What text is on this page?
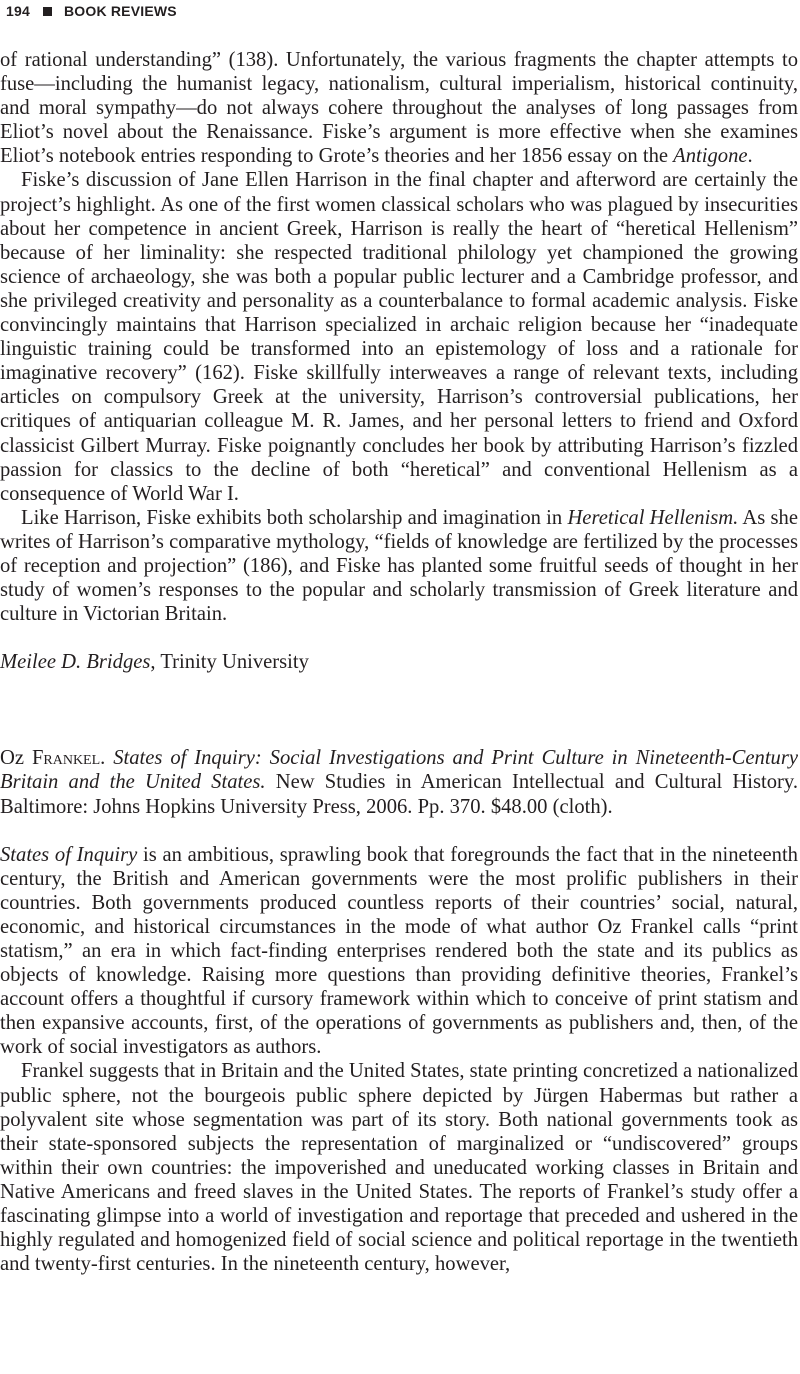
194 BOOK REVIEWS

of rational understanding” (138). Unfortunately, the various fragments the chapter attempts to fuse—including the humanist legacy, nationalism, cultural imperialism, historical continuity, and moral sympathy—do not always cohere throughout the analyses of long passages from Eliot’s novel about the Renaissance. Fiske’s argument is more effective when she examines Eliot’s notebook entries responding to Grote’s theories and her 1856 essay on the Antigone.

Fiske’s discussion of Jane Ellen Harrison in the final chapter and afterword are certainly the project’s highlight. As one of the first women classical scholars who was plagued by insecurities about her competence in ancient Greek, Harrison is really the heart of “heretical Hellenism” because of her liminality: she respected traditional philology yet championed the growing science of archaeology, she was both a popular public lecturer and a Cambridge professor, and she privileged creativity and personality as a counterbalance to formal academic analysis. Fiske convincingly maintains that Harrison specialized in archaic religion because her “inadequate linguistic training could be transformed into an epistemology of loss and a rationale for imaginative recovery” (162). Fiske skillfully interweaves a range of relevant texts, including articles on compulsory Greek at the university, Harrison’s controversial publications, her critiques of antiquarian colleague M. R. James, and her personal letters to friend and Oxford classicist Gilbert Murray. Fiske poignantly concludes her book by attributing Harrison’s fizzled passion for classics to the decline of both “heretical” and conventional Hellenism as a consequence of World War I.

Like Harrison, Fiske exhibits both scholarship and imagination in Heretical Hellenism. As she writes of Harrison’s comparative mythology, “fields of knowledge are fertilized by the processes of reception and projection” (186), and Fiske has planted some fruitful seeds of thought in her study of women’s responses to the popular and scholarly transmission of Greek literature and culture in Victorian Britain.

Meilee D. Bridges, Trinity University

Oz Frankel. States of Inquiry: Social Investigations and Print Culture in Nineteenth-Century Britain and the United States. New Studies in American Intellectual and Cultural History. Baltimore: Johns Hopkins University Press, 2006. Pp. 370. $48.00 (cloth).

States of Inquiry is an ambitious, sprawling book that foregrounds the fact that in the nineteenth century, the British and American governments were the most prolific publishers in their countries. Both governments produced countless reports of their countries’ social, natural, economic, and historical circumstances in the mode of what author Oz Frankel calls “print statism,” an era in which fact-finding enterprises rendered both the state and its publics as objects of knowledge. Raising more questions than providing definitive theories, Frankel’s account offers a thoughtful if cursory framework within which to conceive of print statism and then expansive accounts, first, of the operations of governments as publishers and, then, of the work of social investigators as authors.

Frankel suggests that in Britain and the United States, state printing concretized a nationalized public sphere, not the bourgeois public sphere depicted by Jürgen Habermas but rather a polyvalent site whose segmentation was part of its story. Both national governments took as their state-sponsored subjects the representation of marginalized or “undiscovered” groups within their own countries: the impoverished and uneducated working classes in Britain and Native Americans and freed slaves in the United States. The reports of Frankel’s study offer a fascinating glimpse into a world of investigation and reportage that preceded and ushered in the highly regulated and homogenized field of social science and political reportage in the twentieth and twenty-first centuries. In the nineteenth century, however,
